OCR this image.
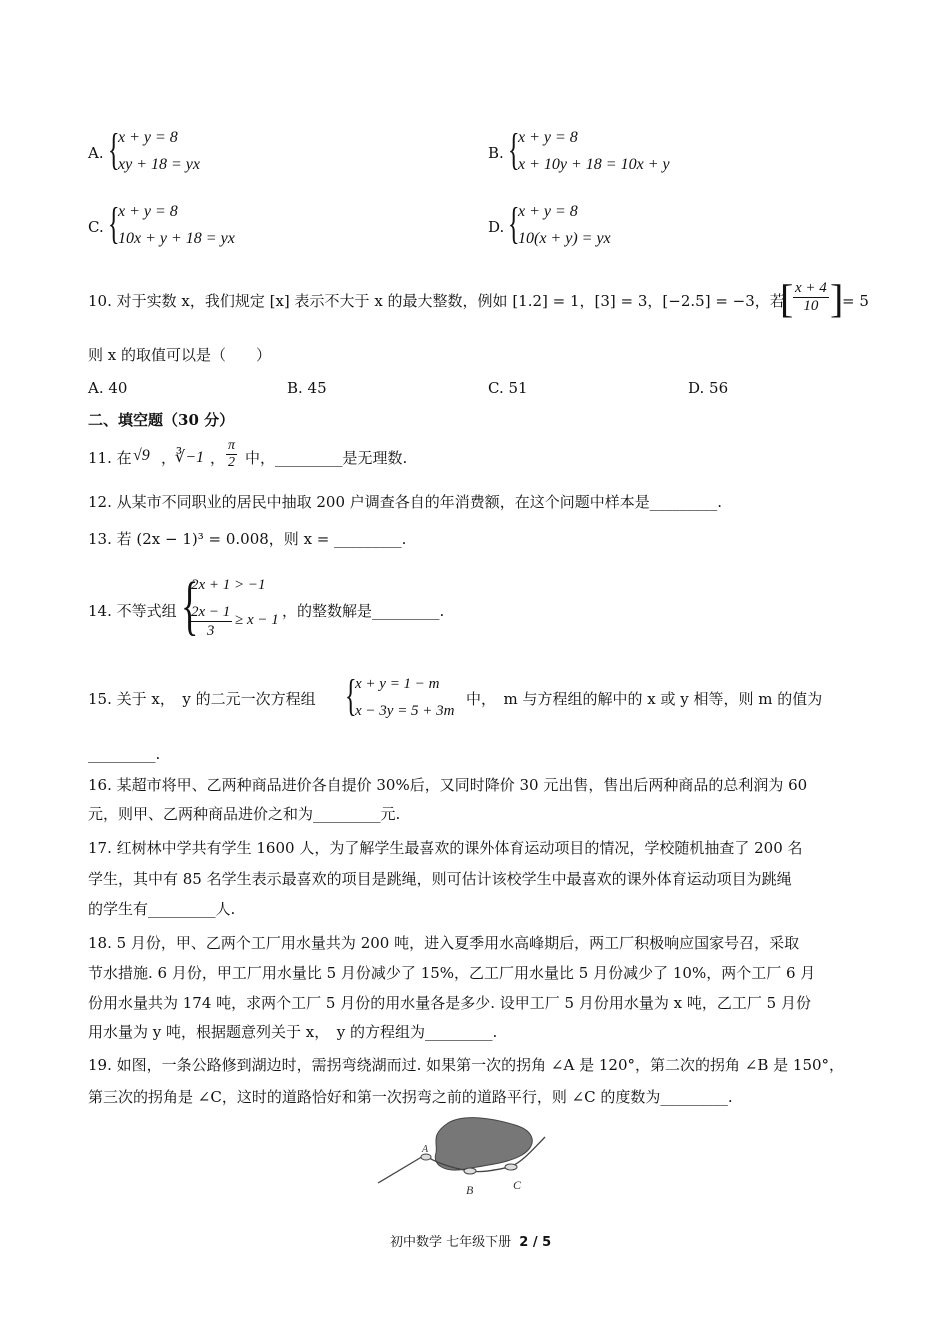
A. {
x + y = 8
xy + 18 = yx
B. {
x + y = 8
x + 10y + 18 = 10x + y
C. {
x + y = 8
10x + y + 18 = yx
D. {
x + y = 8
10(x + y) = yx
10. 对于实数 x，我们规定 [x] 表示不大于 x 的最大整数，例如 [1.2] = 1，[3] = 3，[−2.5] = −3，若
[ $\frac{x + 4}{10}$ ]
= 5
则 x 的取值可以是（　　）
A. 40	B. 45	C. 51	D. 56
二、填空题（30 分）
11. 在 √9 ，
∛−1 ， $\frac{\pi}{2}$ 中，_________是无理数.
12. 从某市不同职业的居民中抽取 200 户调查各自的年消费额，在这个问题中样本是_________.
13. 若 (2x − 1)³ = 0.008，则 x = _________.
14. 不等式组 {
2x + 1 > −1
$\frac{2x - 1}{3} \ge x - 1$ ，的整数解是_________.
15. 关于 x，　y 的二元一次方程组 {
x + y = 1 − m
x − 3y = 5 + 3m
中，　m 与方程组的解中的 x 或 y 相等，则 m 的值为
_________.
16. 某超市将甲、乙两种商品进价各自提价 30%后，又同时降价 30 元出售，售出后两种商品的总利润为 60
元，则甲、乙两种商品进价之和为_________元.
17. 红树林中学共有学生 1600 人，为了解学生最喜欢的课外体育运动项目的情况，学校随机抽查了 200 名
学生，其中有 85 名学生表示最喜欢的项目是跳绳，则可估计该校学生中最喜欢的课外体育运动项目为跳绳
的学生有_________人.
18. 5 月份，甲、乙两个工厂用水量共为 200 吨，进入夏季用水高峰期后，两工厂积极响应国家号召，采取
节水措施. 6 月份，甲工厂用水量比 5 月份减少了 15%，乙工厂用水量比 5 月份减少了 10%，两个工厂 6 月
份用水量共为 174 吨，求两个工厂 5 月份的用水量各是多少. 设甲工厂 5 月份用水量为 x 吨，乙工厂 5 月份
用水量为 y 吨，根据题意列关于 x，　y 的方程组为_________.
19. 如图，一条公路修到湖边时，需拐弯绕湖而过. 如果第一次的拐角 ∠A 是 120°，第二次的拐角 ∠B 是 150°，
第三次的拐角是 ∠C，这时的道路恰好和第一次拐弯之前的道路平行，则 ∠C 的度数为_________.
A
B	C
初中数学 七年级下册 2 / 5
